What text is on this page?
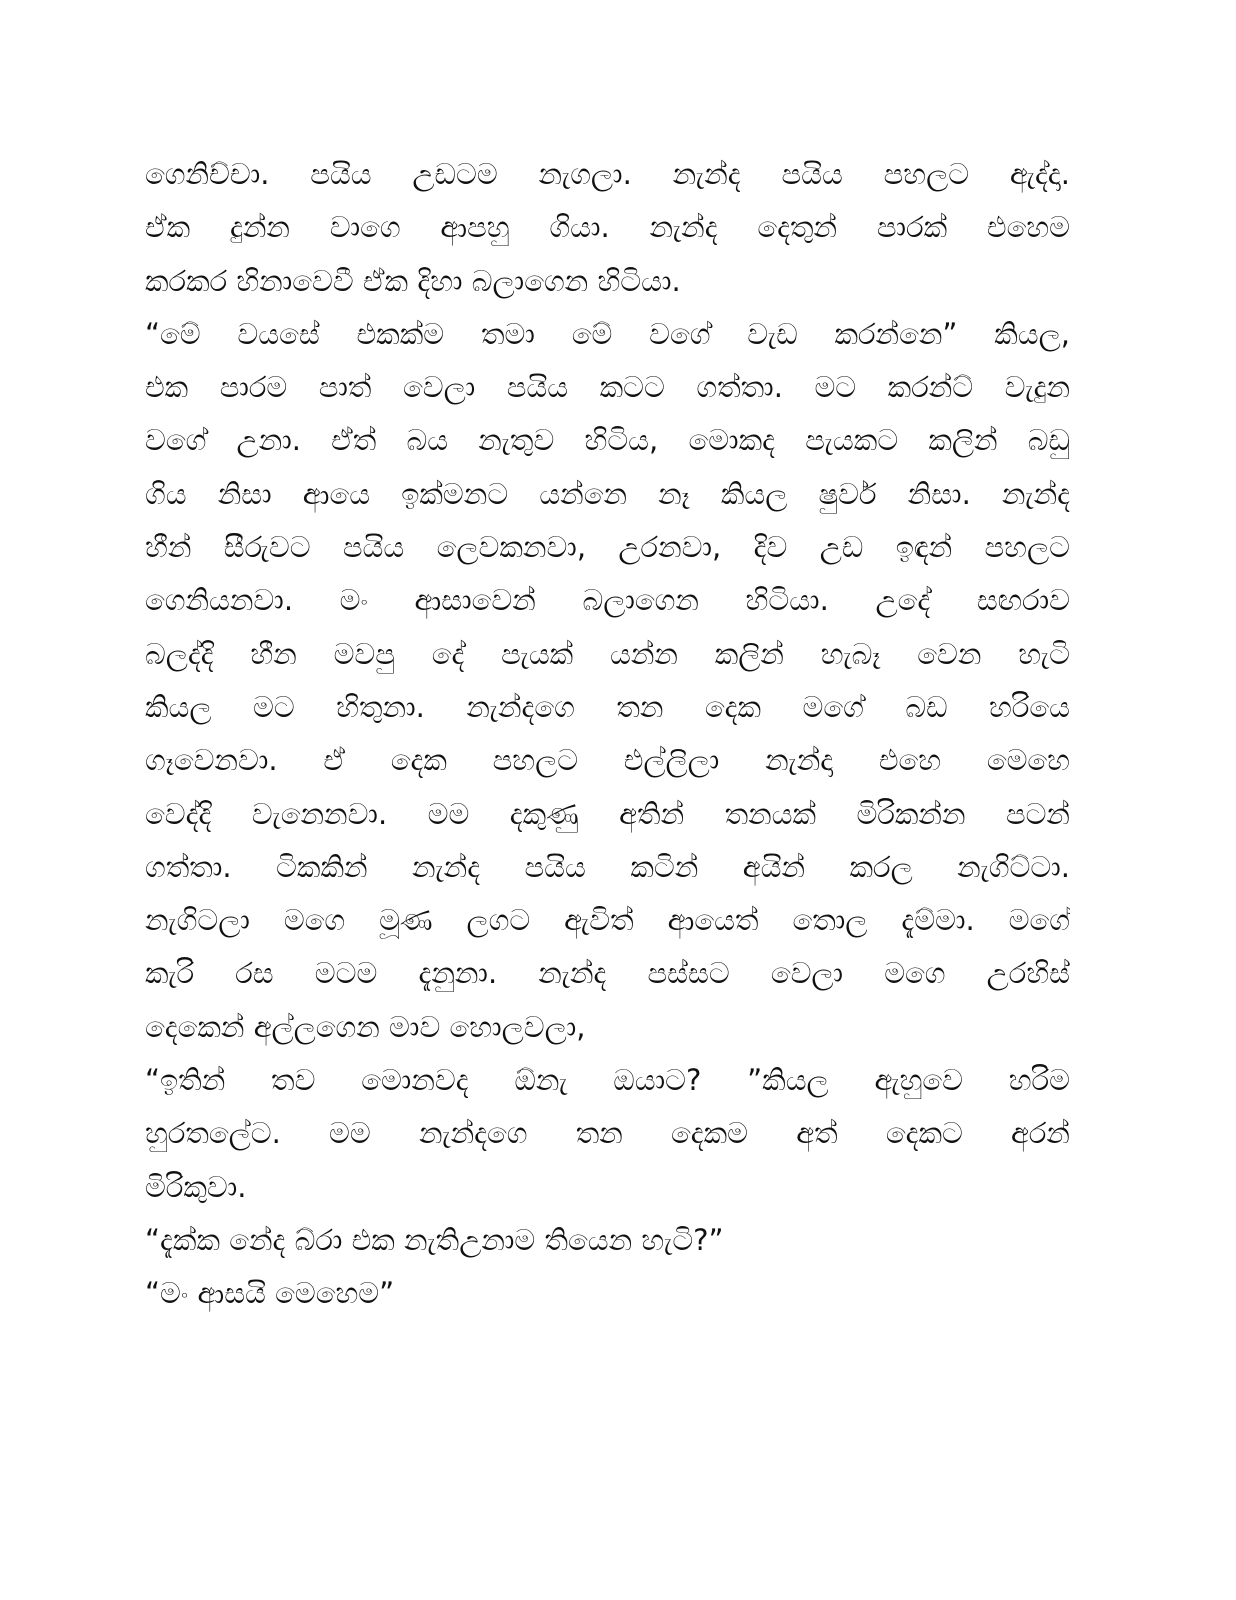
ගෙනිච්චා. පයිය උඩටම නැගලා. නැන්ද පයිය පහලට ඇද්දා.
ඒක දුන්න වාගෙ ආපහු ගියා. නැන්ද දෙතුන් පාරක් එහෙම
කරකර හිනාවෙවී ඒක දිහා බලාගෙන හිටියා.
“මේ වයසේ එකක්ම තමා මේ වගේ වැඩ කරන්නෙ” කියල,
එක පාරම පාත් වෙලා පයිය කටට ගත්තා. මට කරන්ට් වැදුන
වගේ උනා. ඒත් බය නැතුව හිටිය, මොකද පැයකට කලින් බඩු
ගිය නිසා ආයෙ ඉක්මනට යන්නෙ නෑ කියල ෂුවර් නිසා. නැන්ද
හීන් සීරුවට පයිය ලෙවකනවා, උරනවා, දිව උඩ ඉඳන් පහලට
ගෙනියනවා. මං ආසාවෙන් බලාගෙන හිටියා. උදේ සඟරාව
බලද්දි හීන මවපු දේ පැයක් යන්න කලින් හැබෑ වෙන හැටි
කියල මට හිතුනා. නැන්දගෙ තන දෙක මගේ බඩ හරියෙ
ගෑවෙනවා. ඒ දෙක පහලට එල්ලිලා නැන්දා එහෙ මෙහෙ
වෙද්දි වැනෙනවා. මම දකුණු අතින් තනයක් මිරිකන්න පටන්
ගත්තා. ටිකකින් නැන්ද පයිය කටින් අයින් කරල නැගිට්ටා.
නැගිටලා මගෙ මූණ ලගට ඇවිත් ආයෙත් තොල දැම්මා. මගේ
කැරි රස මටම දැනුනා. නැන්ද පස්සට වෙලා මගෙ උරහිස්
දෙකෙන් අල්ලගෙන මාව හොලවලා,
“ඉතින් තව මොනවද ඕනැ ඔයාට? ”කියල ඇහුවෙ හරිම
හුරතලේට. මම නැන්දගෙ තන දෙකම අත් දෙකට අරන්
මිරිකුවා.
“දැක්ක නේද බ්රා එක නැතිඋනාම තියෙන හැටි?”
“මං ආසයි මෙහෙම”
